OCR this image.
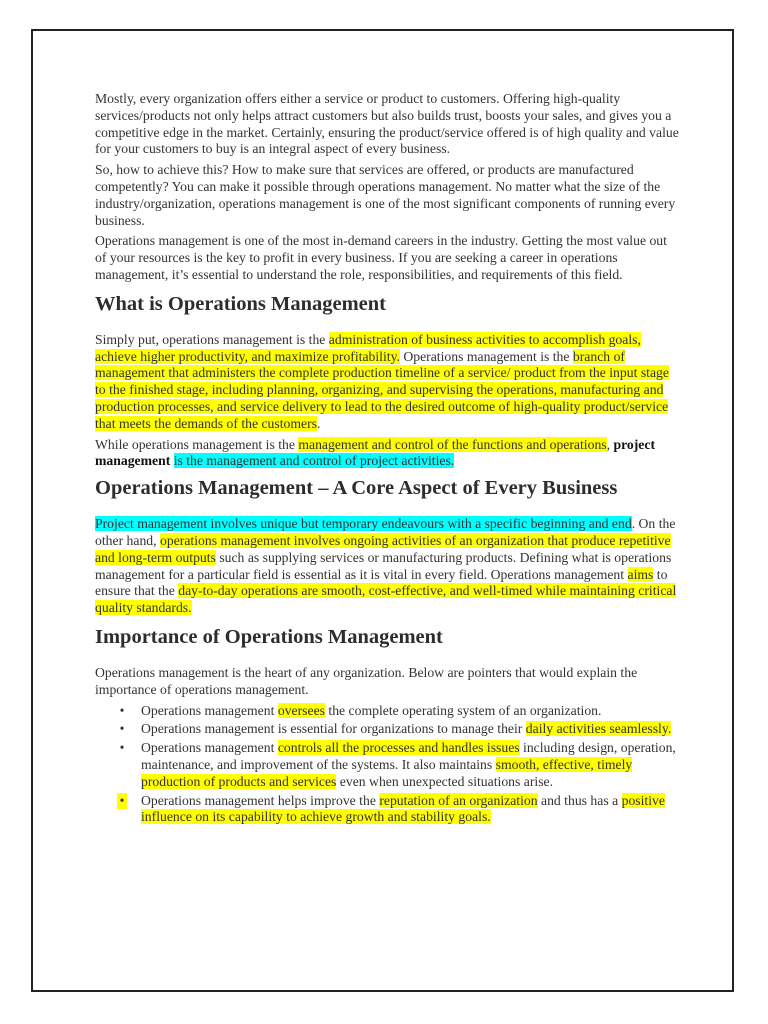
Mostly, every organization offers either a service or product to customers. Offering high-quality services/products not only helps attract customers but also builds trust, boosts your sales, and gives you a competitive edge in the market. Certainly, ensuring the product/service offered is of high quality and value for your customers to buy is an integral aspect of every business.

So, how to achieve this? How to make sure that services are offered, or products are manufactured competently? You can make it possible through operations management. No matter what the size of the industry/organization, operations management is one of the most significant components of running every business.

Operations management is one of the most in-demand careers in the industry. Getting the most value out of your resources is the key to profit in every business. If you are seeking a career in operations management, it’s essential to understand the role, responsibilities, and requirements of this field.

What is Operations Management

Simply put, operations management is the administration of business activities to accomplish goals, achieve higher productivity, and maximize profitability. Operations management is the branch of management that administers the complete production timeline of a service/ product from the input stage to the finished stage, including planning, organizing, and supervising the operations, manufacturing and production processes, and service delivery to lead to the desired outcome of high-quality product/service that meets the demands of the customers.

While operations management is the management and control of the functions and operations, project management is the management and control of project activities.

Operations Management – A Core Aspect of Every Business

Project management involves unique but temporary endeavours with a specific beginning and end. On the other hand, operations management involves ongoing activities of an organization that produce repetitive and long-term outputs such as supplying services or manufacturing products. Defining what is operations management for a particular field is essential as it is vital in every field. Operations management aims to ensure that the day-to-day operations are smooth, cost-effective, and well-timed while maintaining critical quality standards.

Importance of Operations Management

Operations management is the heart of any organization. Below are pointers that would explain the importance of operations management.

• Operations management oversees the complete operating system of an organization.
• Operations management is essential for organizations to manage their daily activities seamlessly.
• Operations management controls all the processes and handles issues including design, operation, maintenance, and improvement of the systems. It also maintains smooth, effective, timely production of products and services even when unexpected situations arise.
• Operations management helps improve the reputation of an organization and thus has a positive influence on its capability to achieve growth and stability goals.
